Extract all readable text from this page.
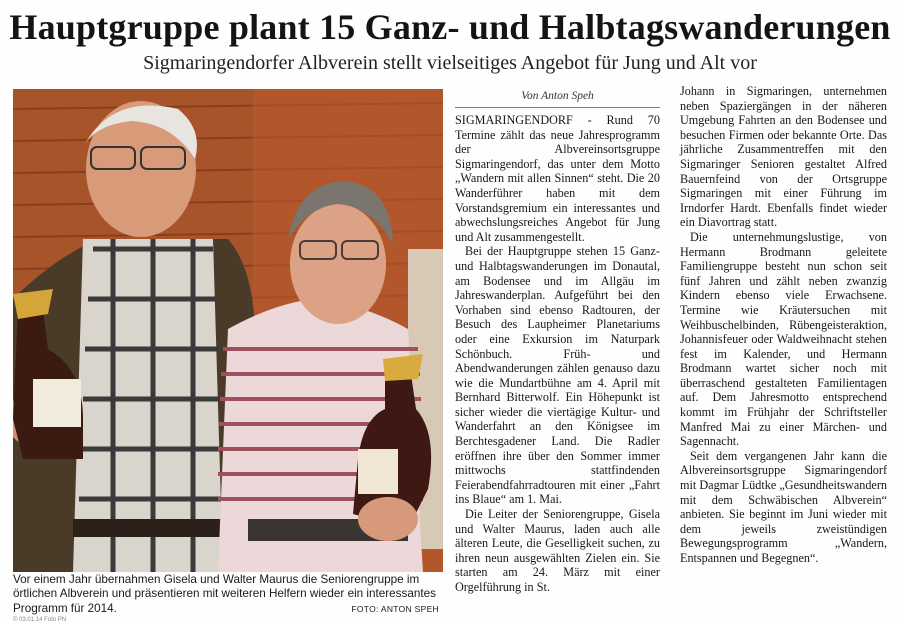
Hauptgruppe plant 15 Ganz- und Halbtagswanderungen
Sigmaringendorfer Albverein stellt vielseitiges Angebot für Jung und Alt vor
Vor einem Jahr übernahmen Gisela und Walter Maurus die Seniorengruppe im örtlichen Albverein und präsentieren mit weiteren Helfern wieder ein interessantes Programm für 2014.	FOTO: ANTON SPEH
© 03.01.14 Foto PN
Von Anton Speh

SIGMARINGENDORF - Rund 70 Termine zählt das neue Jahresprogramm der Albvereinsortsgruppe Sigmaringendorf, das unter dem Motto „Wandern mit allen Sinnen“ steht. Die 20 Wanderführer haben mit dem Vorstandsgremium ein interessantes und abwechslungsreiches Angebot für Jung und Alt zusammengestellt.

Bei der Hauptgruppe stehen 15 Ganz- und Halbtagswanderungen im Donautal, am Bodensee und im Allgäu im Jahreswanderplan. Aufgeführt bei den Vorhaben sind ebenso Radtouren, der Besuch des Laupheimer Planetariums oder eine Exkursion im Naturpark Schönbuch. Früh- und Abendwanderungen zählen genauso dazu wie die Mundartbühne am 4. April mit Bernhard Bitterwolf. Ein Höhepunkt ist sicher wieder die viertägige Kultur- und Wanderfahrt an den Königsee im Berchtesgadener Land. Die Radler eröffnen ihre über den Sommer immer mittwochs stattfindenden Feierabendfahrradtouren mit einer „Fahrt ins Blaue“ am 1. Mai.

Die Leiter der Seniorengruppe, Gisela und Walter Maurus, laden auch alle älteren Leute, die Geselligkeit suchen, zu ihren neun ausgewählten Zielen ein. Sie starten am 24. März mit einer Orgelführung in St.

Johann in Sigmaringen, unternehmen neben Spaziergängen in der näheren Umgebung Fahrten an den Bodensee und besuchen Firmen oder bekannte Orte. Das jährliche Zusammentreffen mit den Sigmaringer Senioren gestaltet Alfred Bauernfeind von der Ortsgruppe Sigmaringen mit einer Führung im Irndorfer Hardt. Ebenfalls findet wieder ein Diavortrag statt.

Die unternehmungslustige, von Hermann Brodmann geleitete Familiengruppe besteht nun schon seit fünf Jahren und zählt neben zwanzig Kindern ebenso viele Erwachsene. Termine wie Kräutersuchen mit Weihbuschelbinden, Rübengeisteraktion, Johannisfeuer oder Waldweihnacht stehen fest im Kalender, und Hermann Brodmann wartet sicher noch mit überraschend gestalteten Familientagen auf. Dem Jahresmotto entsprechend kommt im Frühjahr der Schriftsteller Manfred Mai zu einer Märchen- und Sagennacht.

Seit dem vergangenen Jahr kann die Albvereinsortsgruppe Sigmaringendorf mit Dagmar Lüdtke „Gesundheitswandern mit dem Schwäbischen Albverein“ anbieten. Sie beginnt im Juni wieder mit dem jeweils zweistündigen Bewegungsprogramm „Wandern, Entspannen und Begegnen“.
